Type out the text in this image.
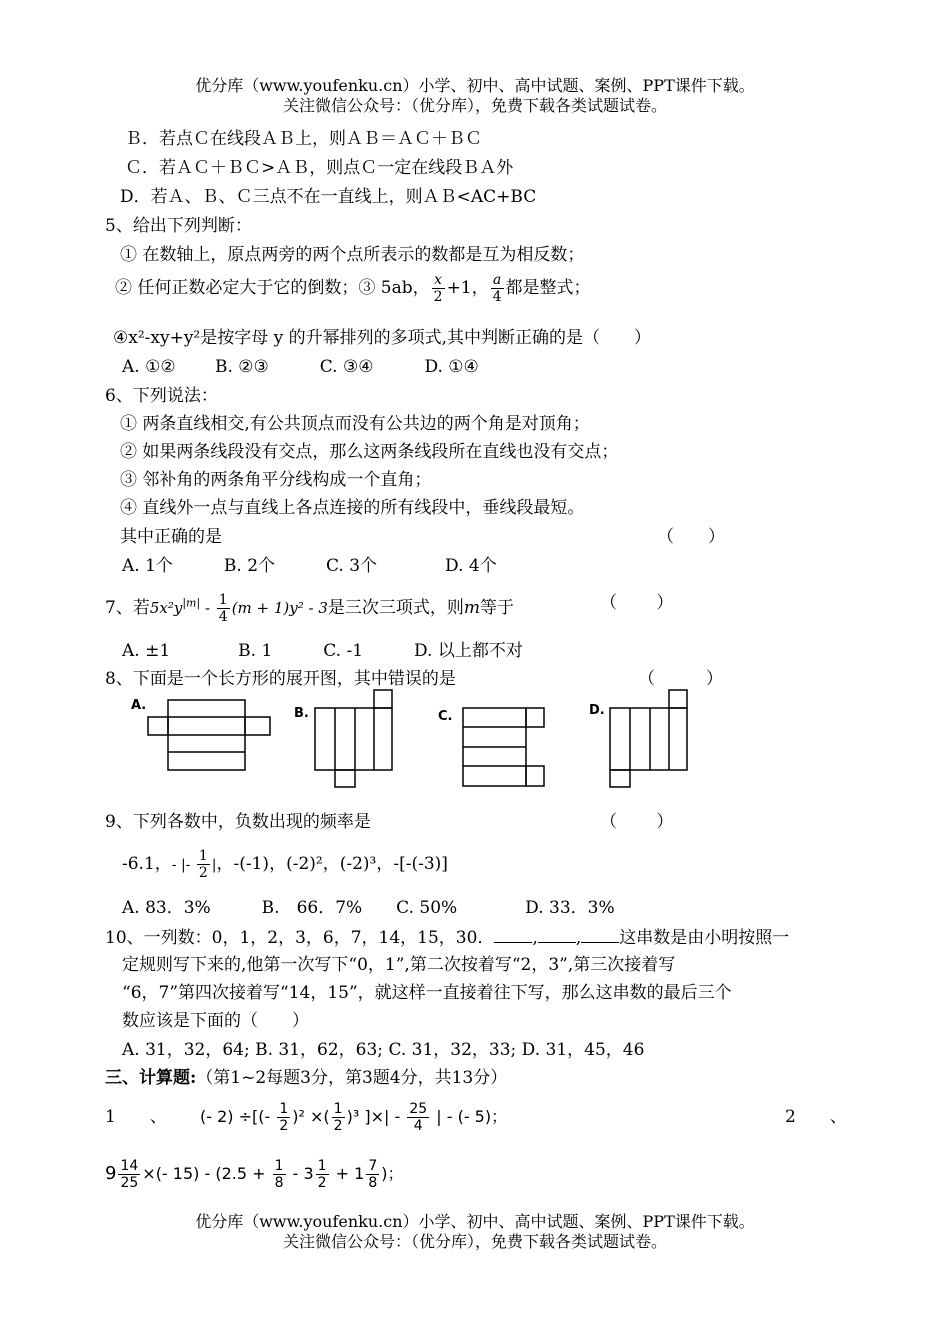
优分库（www.youfenku.cn）小学、初中、高中试题、案例、PPT课件下载。
关注微信公众号：（优分库），免费下载各类试题试卷。
Ｂ．若点Ｃ在线段ＡＢ上，则ＡＢ＝ＡＣ＋ＢＣ
Ｃ．若ＡＣ＋ＢＣ>ＡＢ，则点Ｃ一定在线段ＢＡ外
D．若Ａ、Ｂ、Ｃ三点不在一直线上，则ＡＢ<AC+BC
5、给出下列判断：
① 在数轴上，原点两旁的两个点所表示的数都是互为相反数；
② 任何正数必定大于它的倒数；③ 5ab， $\frac{x}{2} +1$， $\frac{a}{4}$ 都是整式；
④x²-xy+y²是按字母 y 的升幂排列的多项式,其中判断正确的是（　　）
A. ①②　　 B. ②③　　　C. ③④　　　D. ①④
6、下列说法：
① 两条直线相交,有公共顶点而没有公共边的两个角是对顶角；
② 如果两条线段没有交点，那么这两条线段所在直线也没有交点；
③ 邻补角的两条角平分线构成一个直角；
④ 直线外一点与直线上各点连接的所有线段中，垂线段最短。
其中正确的是	（　　）
A. 1个　　　B. 2个　　　C. 3个　　　　D. 4个
7、若$5x^2y^{|m|} - \frac{1}{4} (m + 1)y^2 - 3$是三次三项式，则m等于	（　　 ）
A. ±1　　　　B. 1　　　C. -1　　　D. 以上都不对
8、下面是一个长方形的展开图，其中错误的是	（　　　）
A.
B.	C.	D.
9、下列各数中，负数出现的频率是	（　　 ）
-6.1，- |- $\frac{1}{2}$ |，-(-1)，(-2)²，(-2)³，-[-(-3)]
A. 83．3%　　　B.　66．7%　　C. 50%　　　　D. 33．3%
10、一列数：0，1，2，3，6，7，14，15，30． , , 这串数是由小明按照一
定规则写下来的,他第一次写下“0，1”,第二次按着写“2，3”,第三次接着写
“6，7”第四次接着写“14，15”，就这样一直接着往下写，那么这串数的最后三个
数应该是下面的（　　）
A. 31，32，64; B. 31，62，63; C. 31，32，33; D. 31，45，46
三、计算题:（第1~2每题3分，第3题4分，共13分）
1　　、 (- 2) ÷[(- $\frac{1}{2} )^2$ ×( $\frac{1}{2} )^3$ ]×| - $\frac{25}{4}$ | - (- 5)；	2　　、
$9 \frac{14}{25}$ ×(- $15) - (2.5 + \frac{1}{8} - 3 \frac{1}{2} + 1 \frac{7}{8}$ )；
优分库（www.youfenku.cn）小学、初中、高中试题、案例、PPT课件下载。
关注微信公众号：（优分库），免费下载各类试题试卷。
